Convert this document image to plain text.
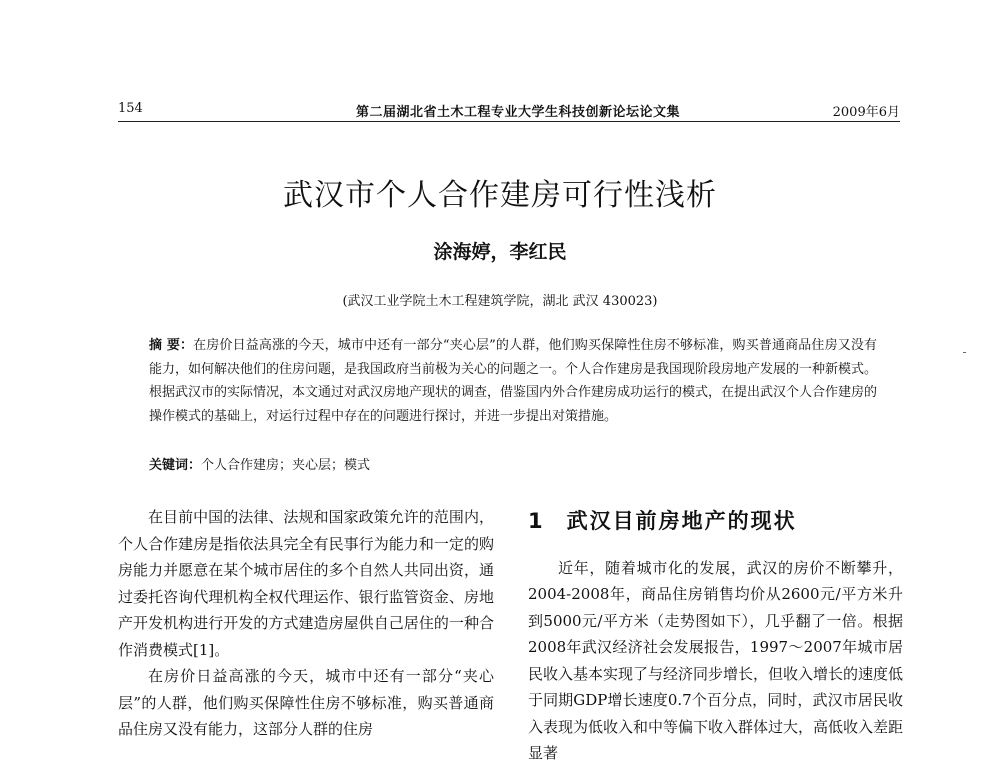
154	第二届湖北省土木工程专业大学生科技创新论坛论文集	2009年6月
武汉市个人合作建房可行性浅析
涂海婷，李红民
(武汉工业学院土木工程建筑学院，湖北 武汉 430023)
摘 要：在房价日益高涨的今天，城市中还有一部分“夹心层”的人群，他们购买保障性住房不够标准，购买普通商品住房又没有能力，如何解决他们的住房问题，是我国政府当前极为关心的问题之一。个人合作建房是我国现阶段房地产发展的一种新模式。根据武汉市的实际情况，本文通过对武汉房地产现状的调查，借鉴国内外合作建房成功运行的模式，在提出武汉个人合作建房的操作模式的基础上，对运行过程中存在的问题进行探讨，并进一步提出对策措施。
关键词：个人合作建房；夹心层；模式

在目前中国的法律、法规和国家政策允许的范围内，个人合作建房是指依法具完全有民事行为能力和一定的购房能力并愿意在某个城市居住的多个自然人共同出资，通过委托咨询代理机构全权代理运作、银行监管资金、房地产开发机构进行开发的方式建造房屋供自己居住的一种合作消费模式[1]。

在房价日益高涨的今天，城市中还有一部分“夹心层”的人群，他们购买保障性住房不够标准，购买普通商品住房又没有能力，这部分人群的住房

1 武汉目前房地产的现状

近年，随着城市化的发展，武汉的房价不断攀升，2004-2008年，商品住房销售均价从2600元/平方米升到5000元/平方米（走势图如下），几乎翻了一倍。根据2008年武汉经济社会发展报告，1997～2007年城市居民收入基本实现了与经济同步增长，但收入增长的速度低于同期GDP增长速度0.7个百分点，同时，武汉市居民收入表现为低收入和中等偏下收入群体过大，高低收入差距显著
